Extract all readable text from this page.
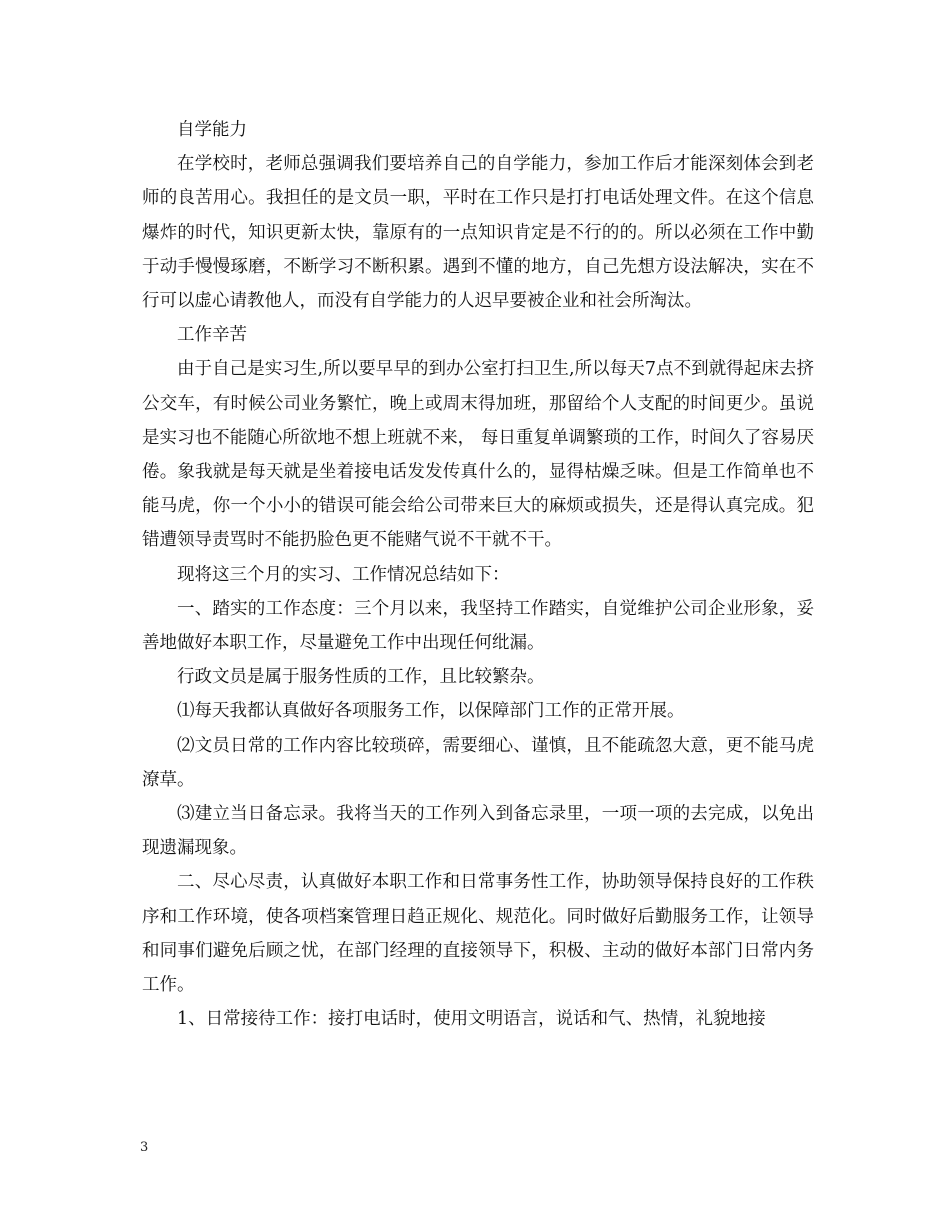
自学能力

在学校时，老师总强调我们要培养自己的自学能力，参加工作后才能深刻体会到老师的良苦用心。我担任的是文员一职，平时在工作只是打打电话处理文件。在这个信息爆炸的时代，知识更新太快，靠原有的一点知识肯定是不行的的。所以必须在工作中勤于动手慢慢琢磨，不断学习不断积累。遇到不懂的地方，自己先想方设法解决，实在不行可以虚心请教他人，而没有自学能力的人迟早要被企业和社会所淘汰。

工作辛苦

由于自己是实习生,所以要早早的到办公室打扫卫生,所以每天7点不到就得起床去挤公交车，有时候公司业务繁忙，晚上或周末得加班，那留给个人支配的时间更少。虽说是实习也不能随心所欲地不想上班就不来， 每日重复单调繁琐的工作，时间久了容易厌倦。象我就是每天就是坐着接电话发发传真什么的，显得枯燥乏味。但是工作简单也不能马虎，你一个小小的错误可能会给公司带来巨大的麻烦或损失，还是得认真完成。犯错遭领导责骂时不能扔脸色更不能赌气说不干就不干。

现将这三个月的实习、工作情况总结如下：

一、踏实的工作态度：三个月以来，我坚持工作踏实，自觉维护公司企业形象，妥善地做好本职工作，尽量避免工作中出现任何纰漏。

行政文员是属于服务性质的工作，且比较繁杂。

⑴每天我都认真做好各项服务工作，以保障部门工作的正常开展。

⑵文员日常的工作内容比较琐碎，需要细心、谨慎，且不能疏忽大意，更不能马虎潦草。

⑶建立当日备忘录。我将当天的工作列入到备忘录里，一项一项的去完成，以免出现遗漏现象。

二、尽心尽责，认真做好本职工作和日常事务性工作，协助领导保持良好的工作秩序和工作环境，使各项档案管理日趋正规化、规范化。同时做好后勤服务工作，让领导和同事们避免后顾之忧，在部门经理的直接领导下，积极、主动的做好本部门日常内务工作。

1、日常接待工作：接打电话时，使用文明语言，说话和气、热情，礼貌地接

3
